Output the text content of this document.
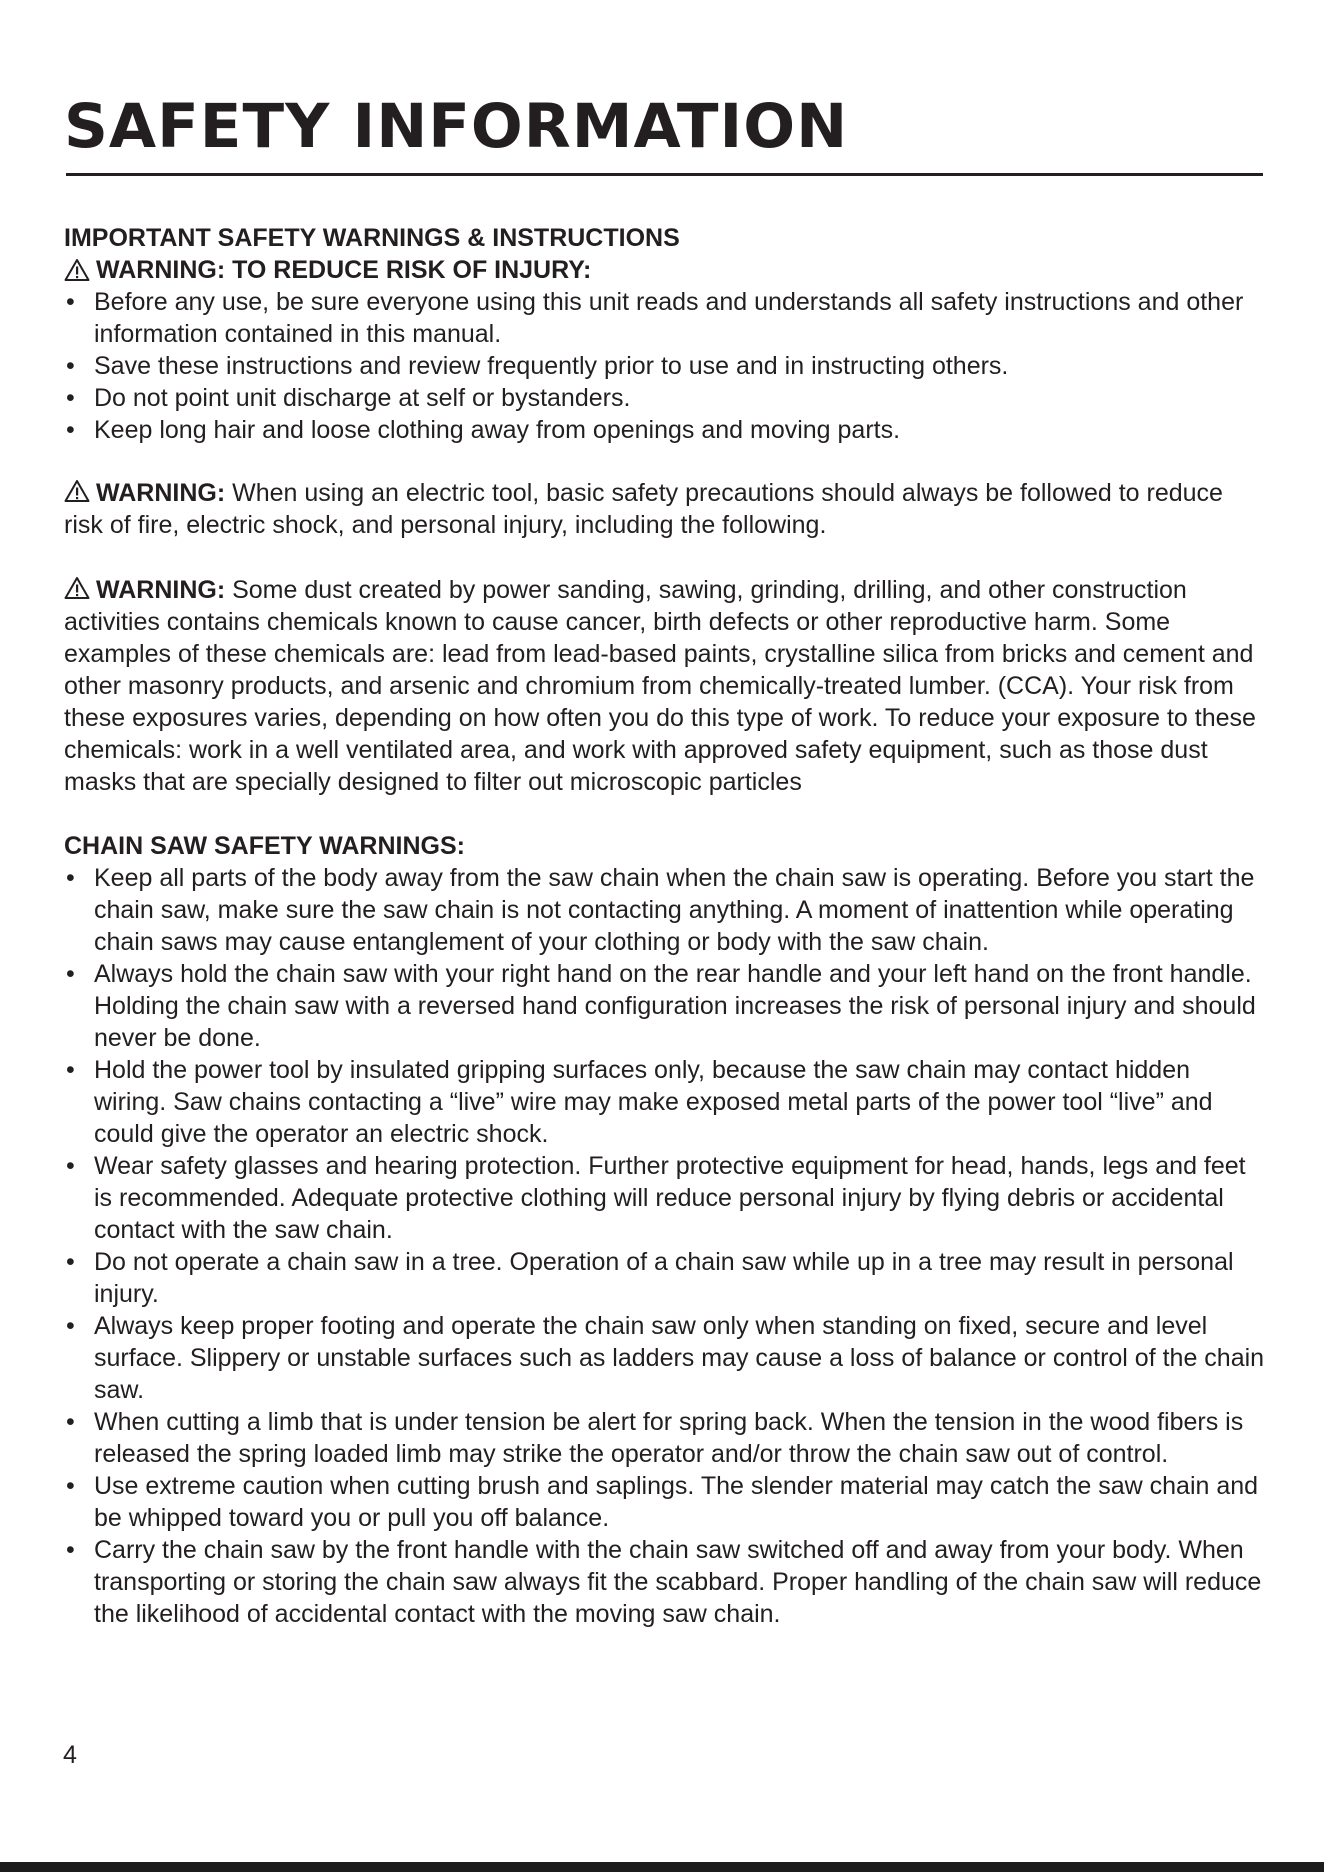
SAFETY INFORMATION

IMPORTANT SAFETY WARNINGS & INSTRUCTIONS

WARNING: TO REDUCE RISK OF INJURY:

• Before any use, be sure everyone using this unit reads and understands all safety instructions and other information contained in this manual.
• Save these instructions and review frequently prior to use and in instructing others.
• Do not point unit discharge at self or bystanders.
• Keep long hair and loose clothing away from openings and moving parts.

WARNING: When using an electric tool, basic safety precautions should always be followed to reduce risk of fire, electric shock, and personal injury, including the following.

WARNING: Some dust created by power sanding, sawing, grinding, drilling, and other construction activities contains chemicals known to cause cancer, birth defects or other reproductive harm. Some examples of these chemicals are: lead from lead-based paints, crystalline silica from bricks and cement and other masonry products, and arsenic and chromium from chemically-treated lumber. (CCA). Your risk from these exposures varies, depending on how often you do this type of work. To reduce your exposure to these chemicals: work in a well ventilated area, and work with approved safety equipment, such as those dust masks that are specially designed to filter out microscopic particles

CHAIN SAW SAFETY WARNINGS:

• Keep all parts of the body away from the saw chain when the chain saw is operating. Before you start the chain saw, make sure the saw chain is not contacting anything. A moment of inattention while operating chain saws may cause entanglement of your clothing or body with the saw chain.
• Always hold the chain saw with your right hand on the rear handle and your left hand on the front handle. Holding the chain saw with a reversed hand configuration increases the risk of personal injury and should never be done.
• Hold the power tool by insulated gripping surfaces only, because the saw chain may contact hidden wiring. Saw chains contacting a “live” wire may make exposed metal parts of the power tool “live” and could give the operator an electric shock.
• Wear safety glasses and hearing protection. Further protective equipment for head, hands, legs and feet is recommended. Adequate protective clothing will reduce personal injury by flying debris or accidental contact with the saw chain.
• Do not operate a chain saw in a tree. Operation of a chain saw while up in a tree may result in personal injury.
• Always keep proper footing and operate the chain saw only when standing on fixed, secure and level surface. Slippery or unstable surfaces such as ladders may cause a loss of balance or control of the chain saw.
• When cutting a limb that is under tension be alert for spring back. When the tension in the wood fibers is released the spring loaded limb may strike the operator and/or throw the chain saw out of control.
• Use extreme caution when cutting brush and saplings. The slender material may catch the saw chain and be whipped toward you or pull you off balance.
• Carry the chain saw by the front handle with the chain saw switched off and away from your body. When transporting or storing the chain saw always fit the scabbard. Proper handling of the chain saw will reduce the likelihood of accidental contact with the moving saw chain.
4
